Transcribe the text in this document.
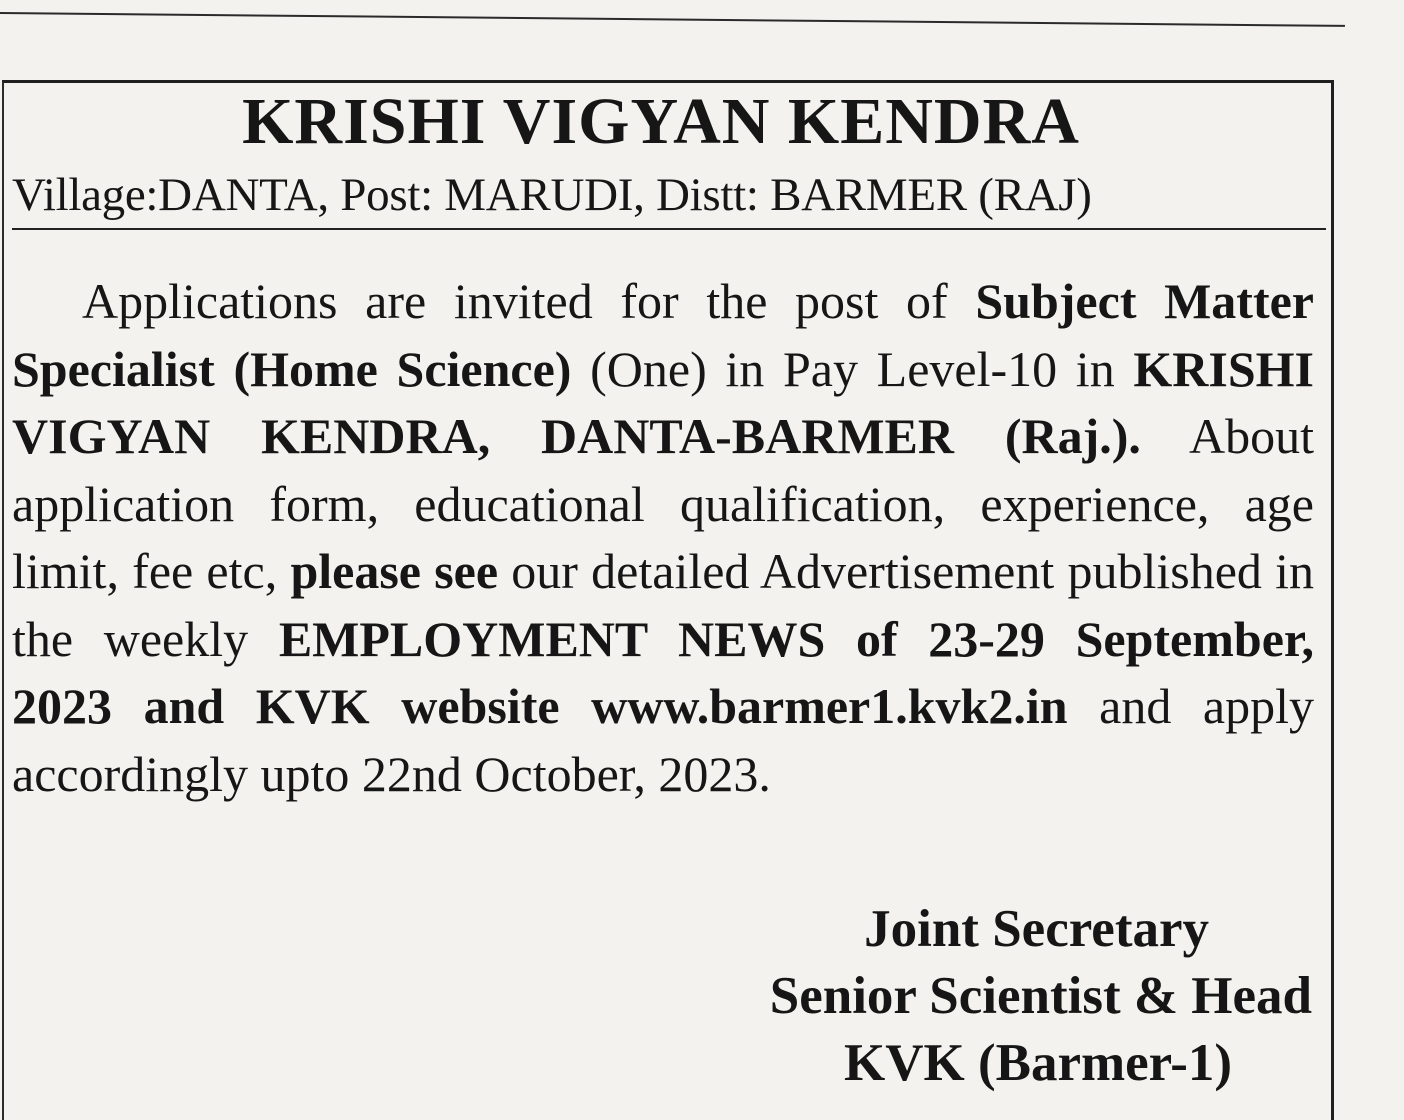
KRISHI VIGYAN KENDRA

Village:DANTA, Post: MARUDI, Distt: BARMER (RAJ)

Applications are invited for the post of Subject Matter Specialist (Home Science) (One) in Pay Level-10 in KRISHI VIGYAN KENDRA, DANTA-BARMER (Raj.). About application form, educational qualification, experience, age limit, fee etc, please see our detailed Advertisement published in the weekly EMPLOYMENT NEWS of 23-29 September, 2023 and KVK website www.barmer1.kvk2.in and apply accordingly upto 22nd October, 2023.

Joint Secretary
Senior Scientist & Head
KVK (Barmer-1)
